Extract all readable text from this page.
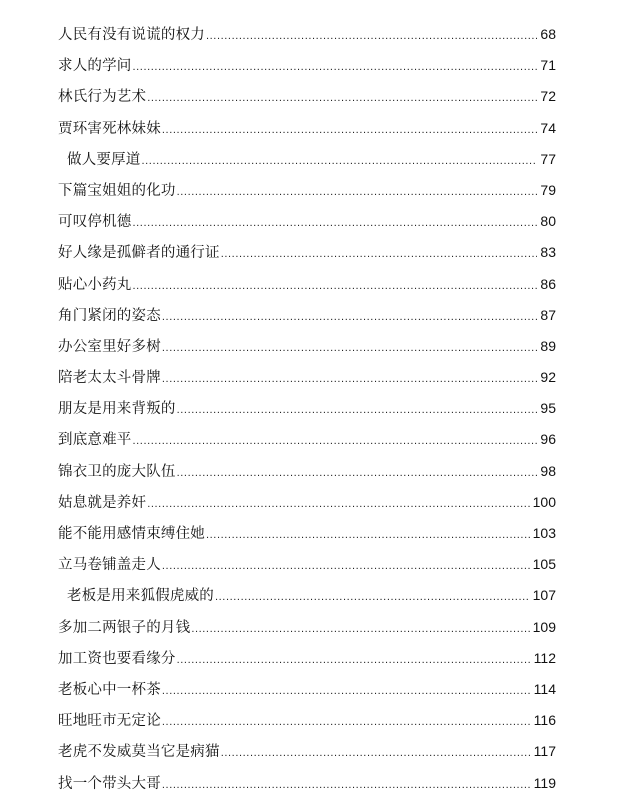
人民有没有说谎的权力 .....	68
求人的学问 .....	71
林氏行为艺术 .....	72
贾环害死林妹妹 .....	74
做人要厚道 .....	77
下篇宝姐姐的化功 .....	79
可叹停机德 .....	80
好人缘是孤僻者的通行证 .....	83
贴心小药丸 .....	86
角门紧闭的姿态 .....	87
办公室里好多树 .....	89
陪老太太斗骨牌 .....	92
朋友是用来背叛的 .....	95
到底意难平 .....	96
锦衣卫的庞大队伍 .....	98
姑息就是养奸 .....	100
能不能用感情束缚住她 .....	103
立马卷铺盖走人 .....	105
老板是用来狐假虎威的 .....	107
多加二两银子的月钱 .....	109
加工资也要看缘分 .....	112
老板心中一杯茶 .....	114
旺地旺市无定论 .....	116
老虎不发威莫当它是病猫 .....	117
找一个带头大哥 .....	119
